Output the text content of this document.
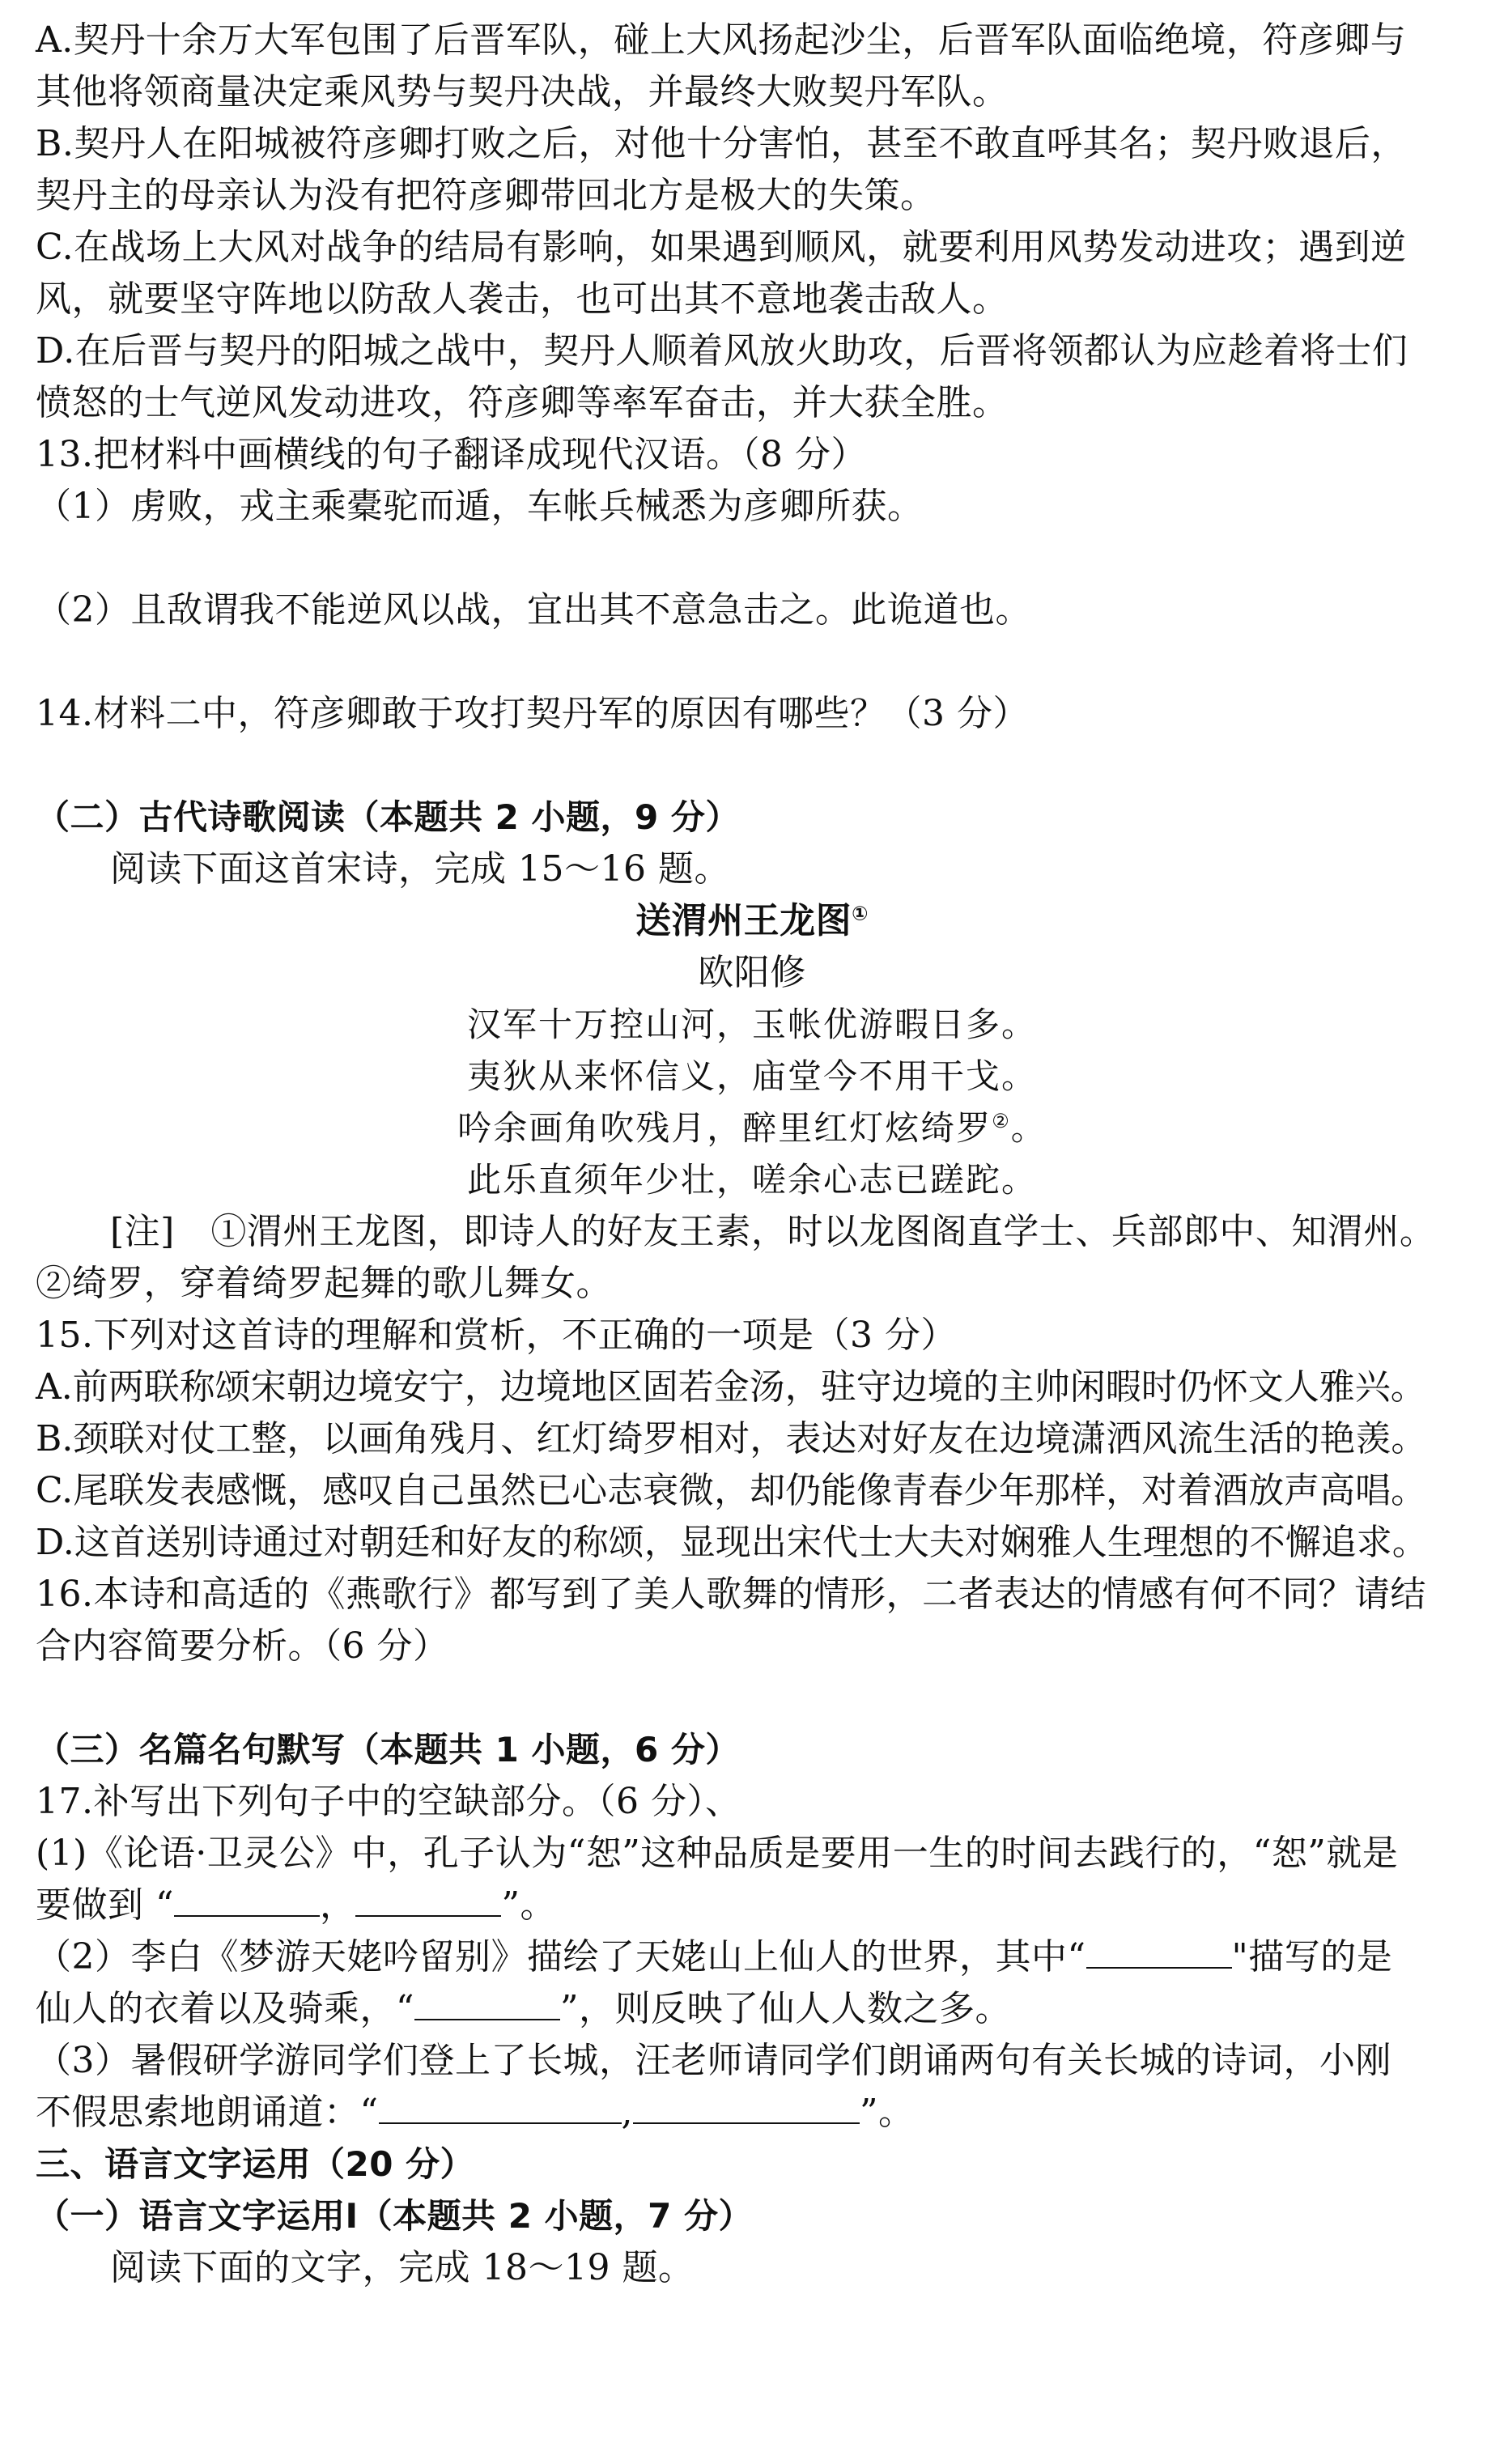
A.契丹十余万大军包围了后晋军队，碰上大风扬起沙尘，后晋军队面临绝境，符彦卿与
其他将领商量决定乘风势与契丹决战，并最终大败契丹军队。
B.契丹人在阳城被符彦卿打败之后，对他十分害怕，甚至不敢直呼其名；契丹败退后，
契丹主的母亲认为没有把符彦卿带回北方是极大的失策。
C.在战场上大风对战争的结局有影响，如果遇到顺风，就要利用风势发动进攻；遇到逆
风，就要坚守阵地以防敌人袭击，也可出其不意地袭击敌人。
D.在后晋与契丹的阳城之战中，契丹人顺着风放火助攻，后晋将领都认为应趁着将士们
愤怒的士气逆风发动进攻，符彦卿等率军奋击，并大获全胜。
13.把材料中画横线的句子翻译成现代汉语。（8 分）
（1）虏败，戎主乘橐驼而遁，车帐兵械悉为彦卿所获。
（2）且敌谓我不能逆风以战，宜出其不意急击之。此诡道也。
14.材料二中，符彦卿敢于攻打契丹军的原因有哪些？（3 分）
（二）古代诗歌阅读（本题共 2 小题，9 分）
阅读下面这首宋诗，完成 15～16 题。
送渭州王龙图①
欧阳修
汉军十万控山河，玉帐优游暇日多。
夷狄从来怀信义，庙堂今不用干戈。
吟余画角吹残月，醉里红灯炫绮罗②。
此乐直须年少壮，嗟余心志已蹉跎。
[注]　①渭州王龙图，即诗人的好友王素，时以龙图阁直学士、兵部郎中、知渭州。
②绮罗，穿着绮罗起舞的歌儿舞女。
15.下列对这首诗的理解和赏析，不正确的一项是（3 分）
A.前两联称颂宋朝边境安宁，边境地区固若金汤，驻守边境的主帅闲暇时仍怀文人雅兴。
B.颈联对仗工整，以画角残月、红灯绮罗相对，表达对好友在边境潇洒风流生活的艳羡。
C.尾联发表感慨，感叹自己虽然已心志衰微，却仍能像青春少年那样，对着酒放声高唱。
D.这首送别诗通过对朝廷和好友的称颂，显现出宋代士大夫对娴雅人生理想的不懈追求。
16.本诗和高适的《燕歌行》都写到了美人歌舞的情形，二者表达的情感有何不同？请结
合内容简要分析。（6 分）
（三）名篇名句默写（本题共 1 小题，6 分）
17.补写出下列句子中的空缺部分。（6 分）、
(1)《论语·卫灵公》中，孔子认为“恕”这种品质是要用一生的时间去践行的，“恕”就是
要做到 “	，	”。
（2）李白《梦游天姥吟留别》描绘了天姥山上仙人的世界，其中“	"描写的是
仙人的衣着以及骑乘，“	”，则反映了仙人人数之多。
（3）暑假研学游同学们登上了长城，汪老师请同学们朗诵两句有关长城的诗词，小刚
不假思索地朗诵道：“	,	”。
三、语言文字运用（20 分）
（一）语言文字运用Ⅰ（本题共 2 小题，7 分）
阅读下面的文字，完成 18～19 题。
